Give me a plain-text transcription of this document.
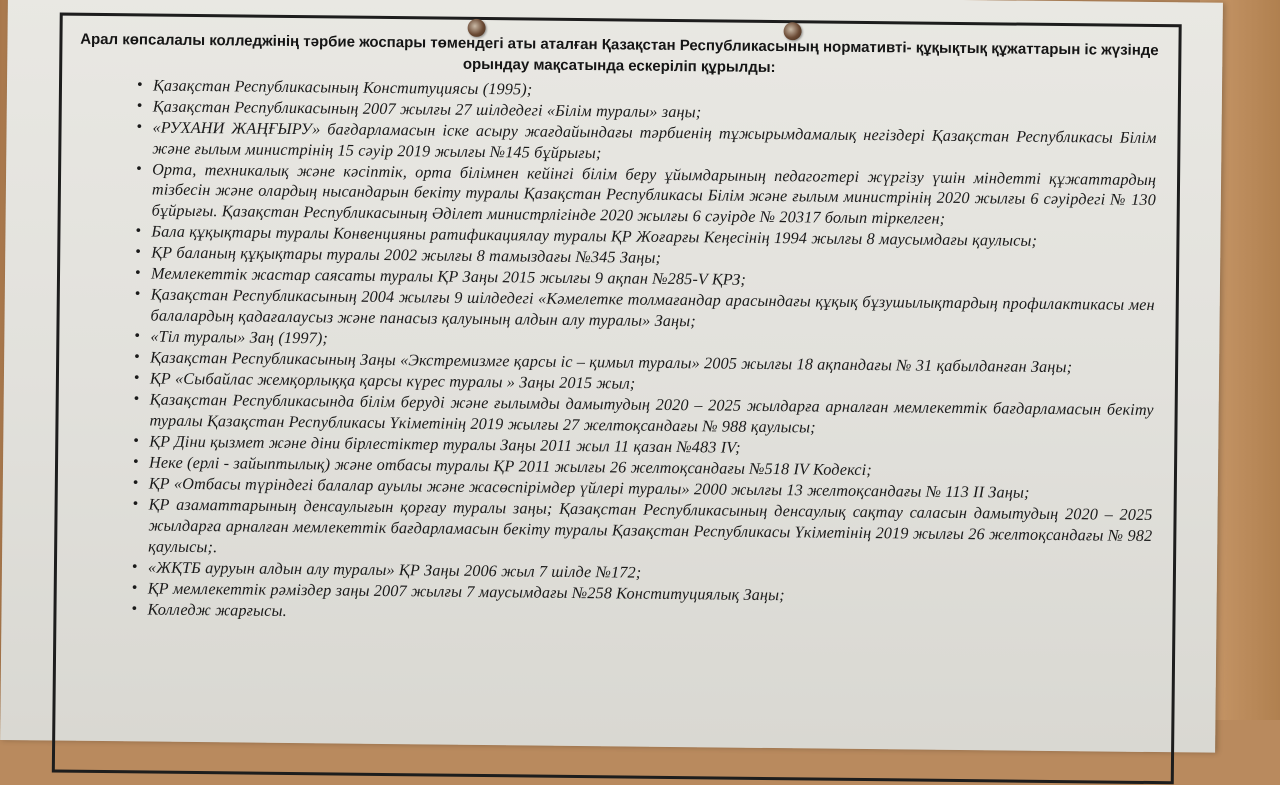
Арал көпсалалы колледжінің тәрбие жоспары төмендегі аты аталған Қазақстан Республикасының нормативті- құқықтық құжаттарын іс жүзінде орындау мақсатында ескеріліп құрылды:
• Қазақстан Республикасының Конституциясы (1995);
• Қазақстан Республикасының 2007 жылғы 27 шілдедегі «Білім туралы» заңы;
• «РУХАНИ ЖАҢҒЫРУ» бағдарламасын іске асыру жағдайындағы тәрбиенің тұжырымдамалық негіздері Қазақстан Республикасы Білім және ғылым министрінің 15 сәуір 2019 жылғы №145 бұйрығы;
• Орта, техникалық және кәсіптік, орта білімнен кейінгі білім беру ұйымдарының педагогтері жүргізу үшін міндетті құжаттардың тізбесін және олардың нысандарын бекіту туралы Қазақстан Республикасы Білім және ғылым министрінің 2020 жылғы 6 сәуірдегі № 130 бұйрығы. Қазақстан Республикасының Әділет министрлігінде 2020 жылғы 6 сәуірде № 20317 болып тіркелген;
• Бала құқықтары туралы Конвенцияны ратификациялау туралы ҚР Жоғарғы Кеңесінің 1994 жылғы 8 маусымдағы қаулысы;
• ҚР баланың құқықтары туралы 2002 жылғы 8 тамыздағы №345 Заңы;
• Мемлекеттік жастар саясаты туралы ҚР Заңы 2015 жылғы 9 ақпан №285-V ҚРЗ;
• Қазақстан Республикасының 2004 жылғы 9 шілдедегі «Кәмелетке толмағандар арасындағы құқық бұзушылықтардың профилактикасы мен балалардың қадағалаусыз және панасыз қалуының алдын алу туралы» Заңы;
• «Тіл туралы» Заң (1997);
• Қазақстан Республикасының Заңы «Экстремизмге қарсы іс – қимыл туралы» 2005 жылғы 18 ақпандағы № 31 қабылданған Заңы;
• ҚР «Сыбайлас жемқорлыққа қарсы күрес туралы » Заңы 2015 жыл;
• Қазақстан Республикасында білім беруді және ғылымды дамытудың 2020 – 2025 жылдарға арналған мемлекеттік бағдарламасын бекіту туралы Қазақстан Республикасы Үкіметінің 2019 жылғы 27 желтоқсандағы № 988 қаулысы;
• ҚР Діни қызмет және діни бірлестіктер туралы Заңы 2011 жыл 11 қазан №483 IV;
• Неке (ерлі - зайыптылық) және отбасы туралы ҚР 2011 жылғы 26 желтоқсандағы №518 IV Кодексі;
• ҚР «Отбасы түріндегі балалар ауылы және жасөспірімдер үйлері туралы» 2000 жылғы 13 желтоқсандағы № 113 II Заңы;
• ҚР азаматтарының денсаулығын қорғау туралы заңы; Қазақстан Республикасының денсаулық сақтау саласын дамытудың 2020 – 2025 жылдарға арналған мемлекеттік бағдарламасын бекіту туралы Қазақстан Республикасы Үкіметінің 2019 жылғы 26 желтоқсандағы № 982 қаулысы;.
• «ЖҚТБ ауруын алдын алу туралы» ҚР Заңы 2006 жыл 7 шілде №172;
• ҚР мемлекеттік рәміздер заңы 2007 жылғы 7 маусымдағы №258 Конституциялық Заңы;
• Колледж жарғысы.
